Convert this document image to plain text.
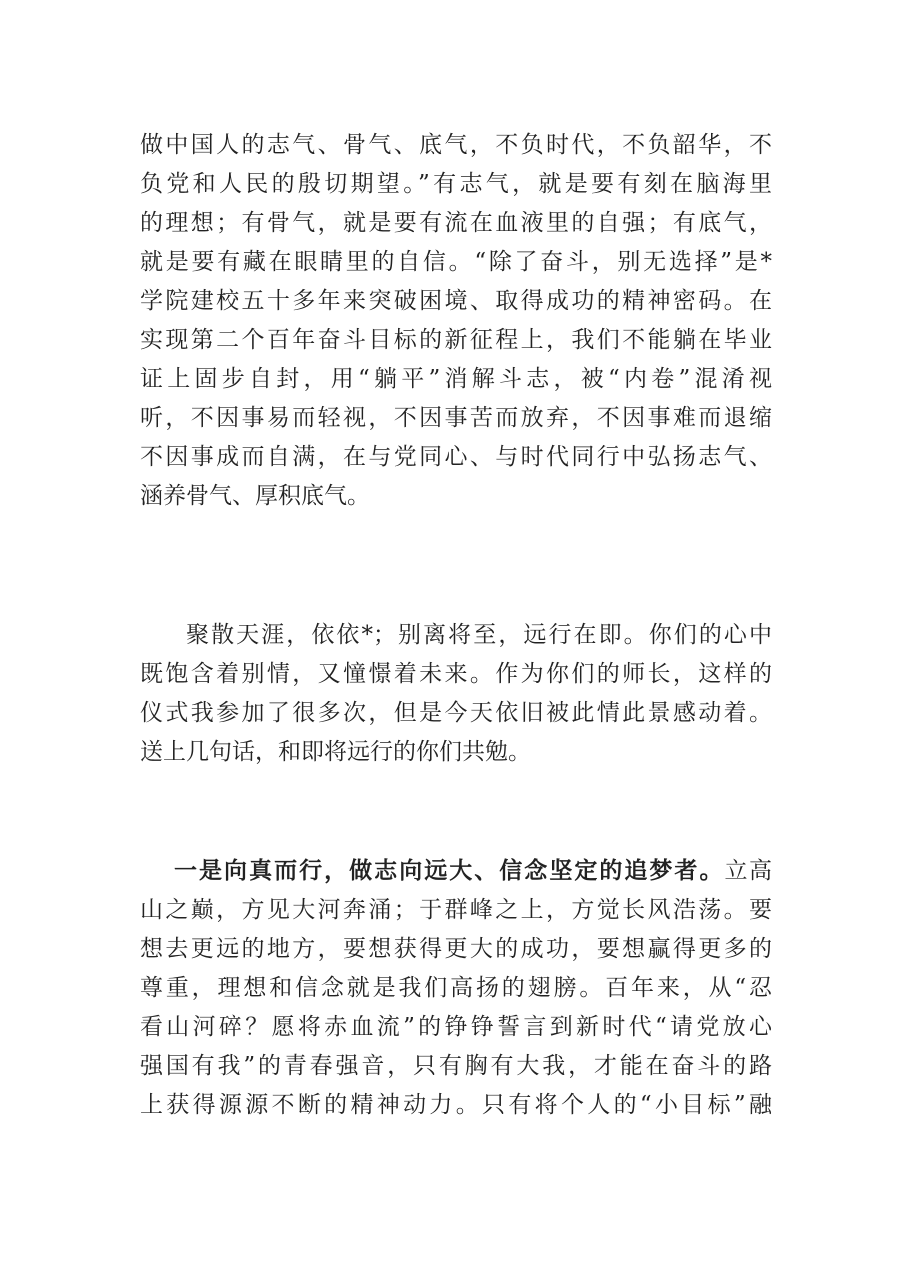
做中国人的志气、骨气、底气，不负时代，不负韶华，不
负党和人民的殷切期望。”有志气，就是要有刻在脑海里
的理想；有骨气，就是要有流在血液里的自强；有底气，
就是要有藏在眼睛里的自信。“除了奋斗，别无选择”是*
学院建校五十多年来突破困境、取得成功的精神密码。在
实现第二个百年奋斗目标的新征程上，我们不能躺在毕业
证上固步自封，用“躺平”消解斗志，被“内卷”混淆视
听，不因事易而轻视，不因事苦而放弃，不因事难而退缩
不因事成而自满，在与党同心、与时代同行中弘扬志气、
涵养骨气、厚积底气。
聚散天涯，依依*；别离将至，远行在即。你们的心中
既饱含着别情，又憧憬着未来。作为你们的师长，这样的
仪式我参加了很多次，但是今天依旧被此情此景感动着。
送上几句话，和即将远行的你们共勉。
一是向真而行，做志向远大、信念坚定的追梦者。立高
山之巅，方见大河奔涌；于群峰之上，方觉长风浩荡。要
想去更远的地方，要想获得更大的成功，要想赢得更多的
尊重，理想和信念就是我们高扬的翅膀。百年来，从“忍
看山河碎？愿将赤血流”的铮铮誓言到新时代“请党放心
强国有我”的青春强音，只有胸有大我，才能在奋斗的路
上获得源源不断的精神动力。只有将个人的“小目标”融
